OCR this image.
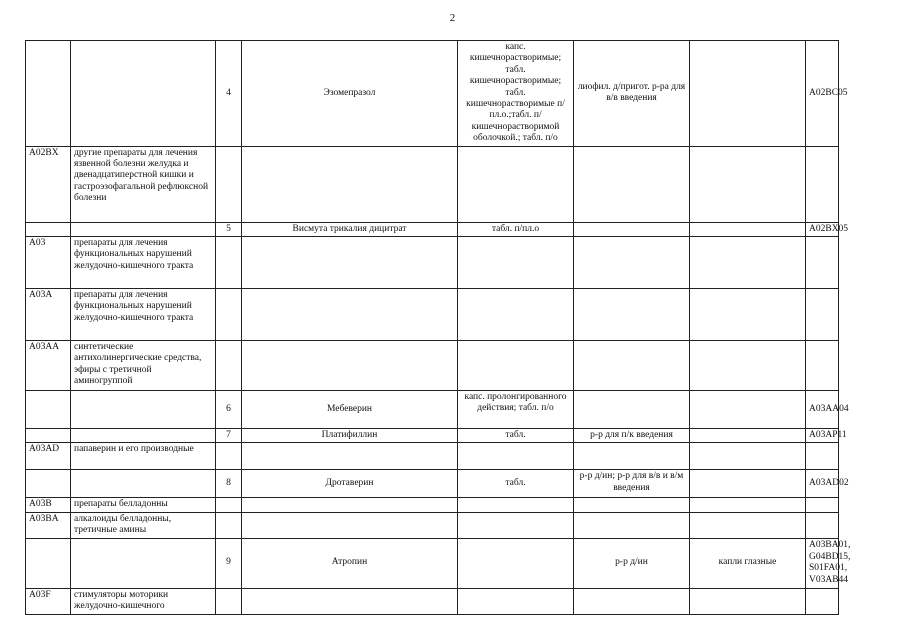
2
		4	Эзомепразол	капс. кишечнорастворимые; табл. кишечнорастворимые; табл. кишечнорастворимые п/пл.о.;табл. п/кишечнорастворимой оболочкой.; табл. п/о	лиофил. д/пригот. р-ра для в/в введения		A02BC05
A02BX	другие препараты для лечения язвенной болезни желудка и двенадцатиперстной кишки и гастроэзофагальной рефлюксной болезни						
		5	Висмута трикалия дицитрат	табл. п/пл.о			A02BX05
A03	препараты для лечения функциональных нарушений желудочно-кишечного тракта						
A03A	препараты для лечения функциональных нарушений желудочно-кишечного тракта						
A03AA	синтетические антихолинергические средства, эфиры с третичной аминогруппой						
		6	Мебеверин	капс. пролонгированного действия; табл. п/о			A03AA04
		7	Платифиллин	табл.	р-р для п/к введения		A03AP11
A03AD	папаверин и его производные						
		8	Дротаверин	табл.	р-р д/ин; р-р для в/в и в/м введения		A03AD02
A03B	препараты белладонны						
A03BA	алкалоиды белладонны, третичные амины						
		9	Атропин		р-р д/ин	капли глазные	A03BA01, G04BD15, S01FA01, V03AB44
A03F	стимуляторы моторики желудочно-кишечного						
